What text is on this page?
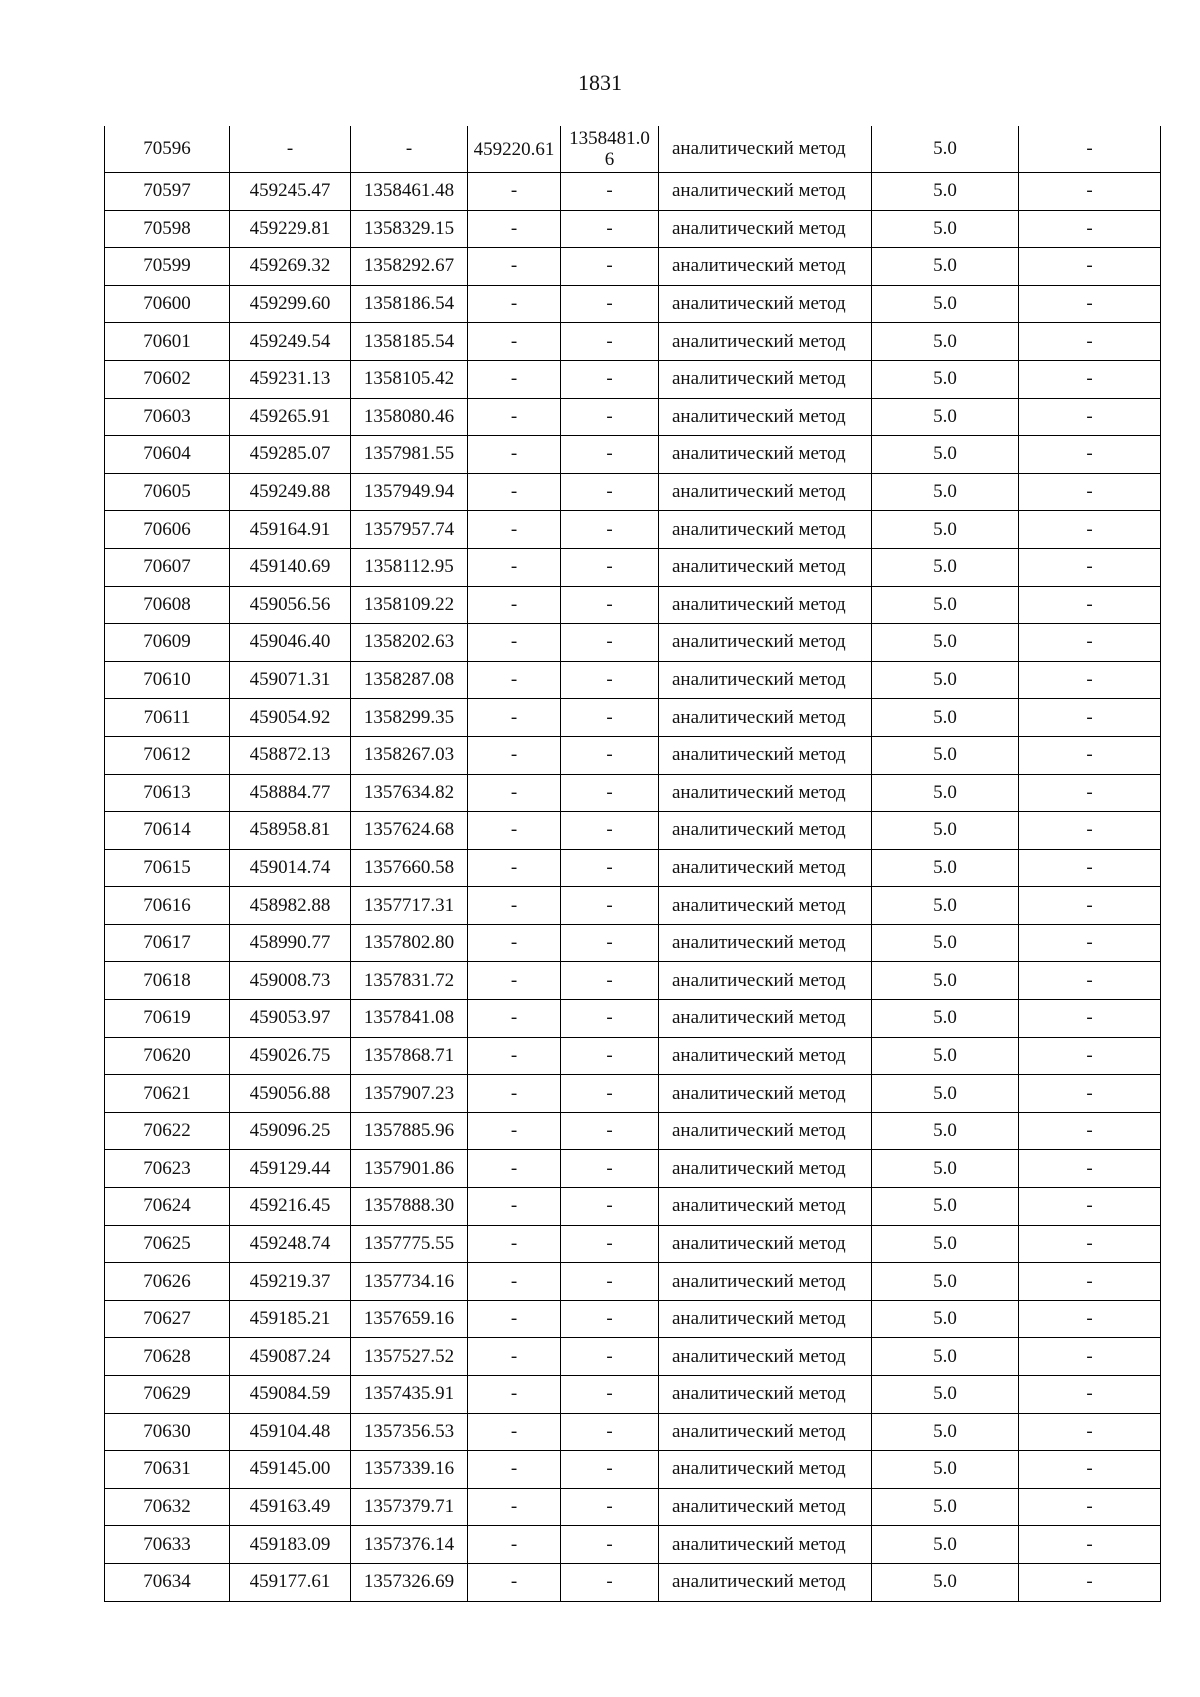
1831
70596	-	-	459220.61	1358481.06	аналитический метод	5.0	-
70597	459245.47	1358461.48	-	-	аналитический метод	5.0	-
70598	459229.81	1358329.15	-	-	аналитический метод	5.0	-
70599	459269.32	1358292.67	-	-	аналитический метод	5.0	-
70600	459299.60	1358186.54	-	-	аналитический метод	5.0	-
70601	459249.54	1358185.54	-	-	аналитический метод	5.0	-
70602	459231.13	1358105.42	-	-	аналитический метод	5.0	-
70603	459265.91	1358080.46	-	-	аналитический метод	5.0	-
70604	459285.07	1357981.55	-	-	аналитический метод	5.0	-
70605	459249.88	1357949.94	-	-	аналитический метод	5.0	-
70606	459164.91	1357957.74	-	-	аналитический метод	5.0	-
70607	459140.69	1358112.95	-	-	аналитический метод	5.0	-
70608	459056.56	1358109.22	-	-	аналитический метод	5.0	-
70609	459046.40	1358202.63	-	-	аналитический метод	5.0	-
70610	459071.31	1358287.08	-	-	аналитический метод	5.0	-
70611	459054.92	1358299.35	-	-	аналитический метод	5.0	-
70612	458872.13	1358267.03	-	-	аналитический метод	5.0	-
70613	458884.77	1357634.82	-	-	аналитический метод	5.0	-
70614	458958.81	1357624.68	-	-	аналитический метод	5.0	-
70615	459014.74	1357660.58	-	-	аналитический метод	5.0	-
70616	458982.88	1357717.31	-	-	аналитический метод	5.0	-
70617	458990.77	1357802.80	-	-	аналитический метод	5.0	-
70618	459008.73	1357831.72	-	-	аналитический метод	5.0	-
70619	459053.97	1357841.08	-	-	аналитический метод	5.0	-
70620	459026.75	1357868.71	-	-	аналитический метод	5.0	-
70621	459056.88	1357907.23	-	-	аналитический метод	5.0	-
70622	459096.25	1357885.96	-	-	аналитический метод	5.0	-
70623	459129.44	1357901.86	-	-	аналитический метод	5.0	-
70624	459216.45	1357888.30	-	-	аналитический метод	5.0	-
70625	459248.74	1357775.55	-	-	аналитический метод	5.0	-
70626	459219.37	1357734.16	-	-	аналитический метод	5.0	-
70627	459185.21	1357659.16	-	-	аналитический метод	5.0	-
70628	459087.24	1357527.52	-	-	аналитический метод	5.0	-
70629	459084.59	1357435.91	-	-	аналитический метод	5.0	-
70630	459104.48	1357356.53	-	-	аналитический метод	5.0	-
70631	459145.00	1357339.16	-	-	аналитический метод	5.0	-
70632	459163.49	1357379.71	-	-	аналитический метод	5.0	-
70633	459183.09	1357376.14	-	-	аналитический метод	5.0	-
70634	459177.61	1357326.69	-	-	аналитический метод	5.0	-
